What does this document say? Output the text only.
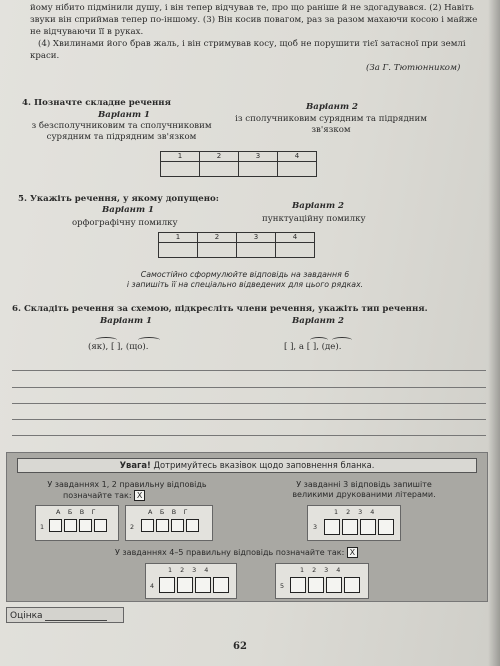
йому нібито підмінили душу, і він тепер відчував те, про що раніше й не здогадувався. (2) Навіть
звуки він сприймав тепер по-іншому. (3) Він косив повагом, раз за разом махаючи косою і майже
не відчуваючи її в руках.
(4) Хвилинами його брав жаль, і він стримував косу, щоб не порушити тієї затасної при землі
краси.
(За Г. Тютюнником)
4. Позначте складне речення
Варіант 1
з безсполучниковим та сполучниковим
сурядним та підрядним зв'язком
Варіант 2
із сполучниковим сурядним та підрядним
зв'язком
1	2	3	4

5. Укажіть речення, у якому допущено:
Варіант 1
орфографічну помилку
Варіант 2
пунктуаційну помилку
1	2	3	4

Самостійно сформулюйте відповідь на завдання 6
і запишіть її на спеціально відведених для цього рядках.
6. Складіть речення за схемою, підкресліть члени речення, укажіть тип речення.
Варіант 1	Варіант 2
(як), [ ], (що).	[ ], а [ ], (де).
Увага! Дотримуйтесь вказівок щодо заповнення бланка.
У завданнях 1, 2 правильну відповідь
позначайте так: X
У завданні 3 відповідь запишіте
великими друкованими літерами.
АБВГ
1
АБВГ
2
1234
3
У завданнях 4–5 правильну відповідь позначайте так: X
1234
4
1234
5
Оцінка
62
